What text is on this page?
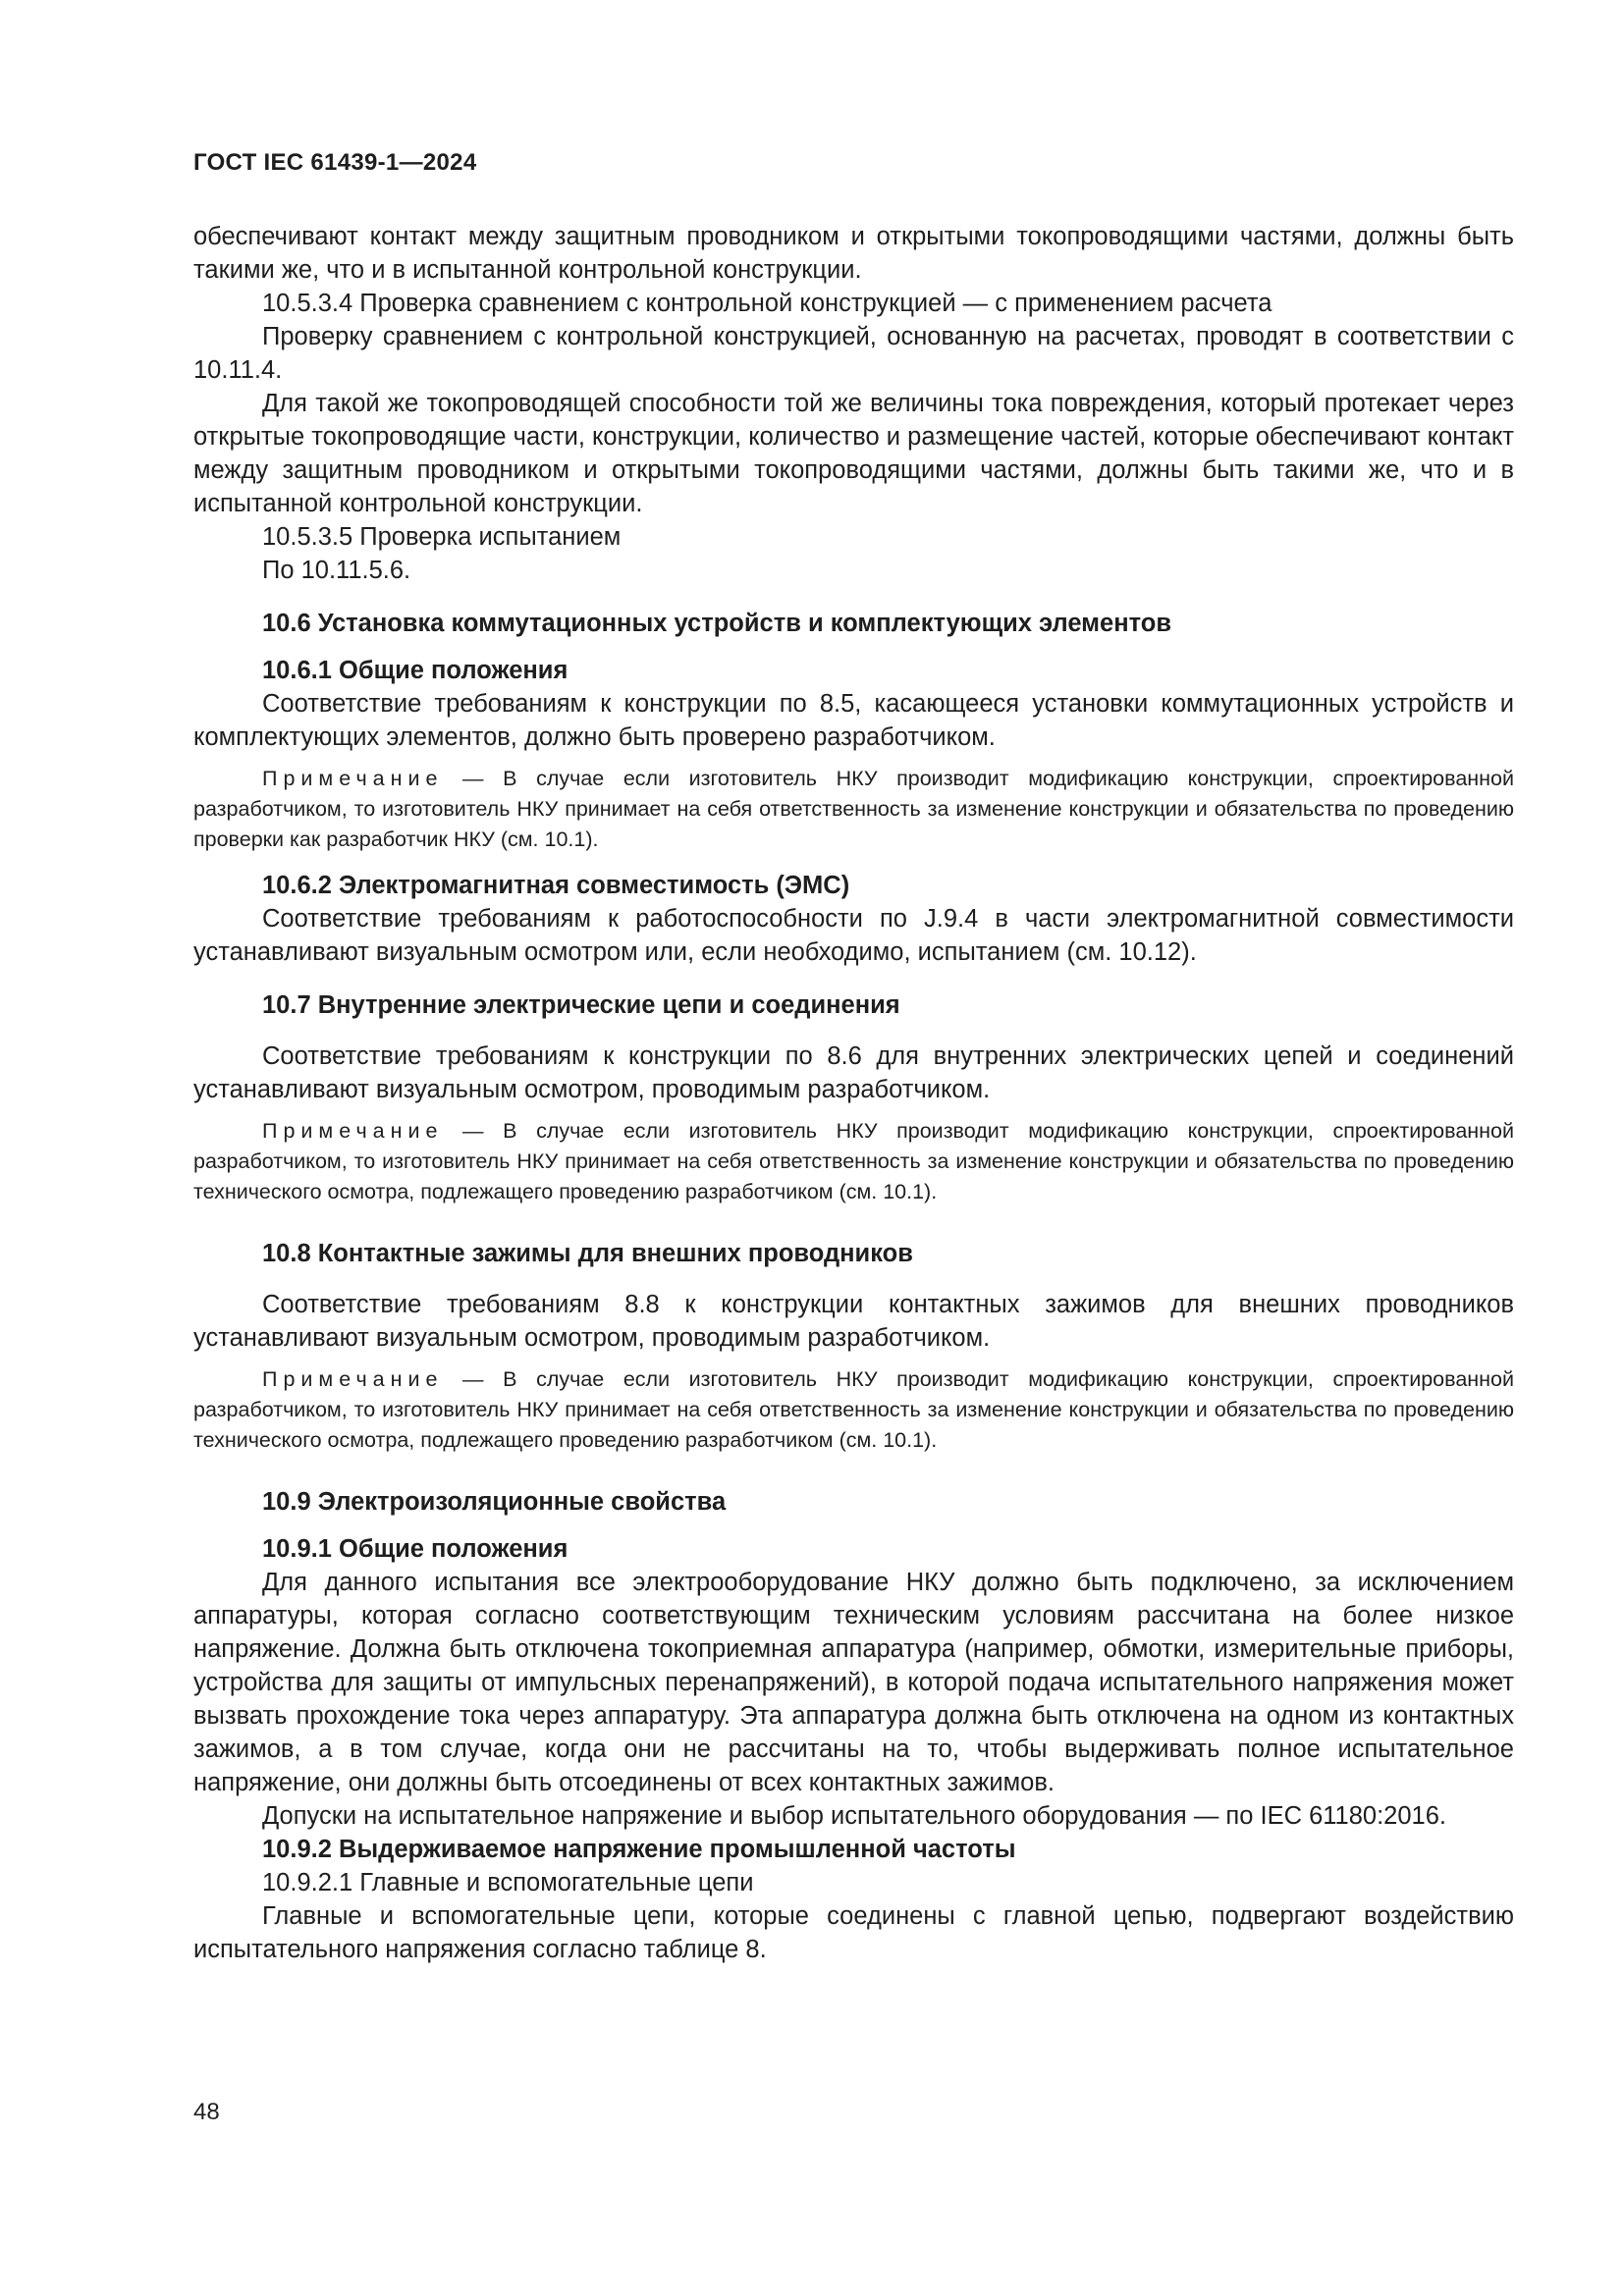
ГОСТ IEC 61439-1—2024

обеспечивают контакт между защитным проводником и открытыми токопроводящими частями, должны быть такими же, что и в испытанной контрольной конструкции.

10.5.3.4 Проверка сравнением с контрольной конструкцией — с применением расчета

Проверку сравнением с контрольной конструкцией, основанную на расчетах, проводят в соответствии с 10.11.4.

Для такой же токопроводящей способности той же величины тока повреждения, который протекает через открытые токопроводящие части, конструкции, количество и размещение частей, которые обеспечивают контакт между защитным проводником и открытыми токопроводящими частями, должны быть такими же, что и в испытанной контрольной конструкции.

10.5.3.5 Проверка испытанием

По 10.11.5.6.

10.6 Установка коммутационных устройств и комплектующих элементов

10.6.1 Общие положения

Соответствие требованиям к конструкции по 8.5, касающееся установки коммутационных устройств и комплектующих элементов, должно быть проверено разработчиком.

Примечание — В случае если изготовитель НКУ производит модификацию конструкции, спроектированной разработчиком, то изготовитель НКУ принимает на себя ответственность за изменение конструкции и обязательства по проведению проверки как разработчик НКУ (см. 10.1).

10.6.2 Электромагнитная совместимость (ЭМС)

Соответствие требованиям к работоспособности по J.9.4 в части электромагнитной совместимости устанавливают визуальным осмотром или, если необходимо, испытанием (см. 10.12).

10.7 Внутренние электрические цепи и соединения

Соответствие требованиям к конструкции по 8.6 для внутренних электрических цепей и соединений устанавливают визуальным осмотром, проводимым разработчиком.

Примечание — В случае если изготовитель НКУ производит модификацию конструкции, спроектированной разработчиком, то изготовитель НКУ принимает на себя ответственность за изменение конструкции и обязательства по проведению технического осмотра, подлежащего проведению разработчиком (см. 10.1).

10.8 Контактные зажимы для внешних проводников

Соответствие требованиям 8.8 к конструкции контактных зажимов для внешних проводников устанавливают визуальным осмотром, проводимым разработчиком.

Примечание — В случае если изготовитель НКУ производит модификацию конструкции, спроектированной разработчиком, то изготовитель НКУ принимает на себя ответственность за изменение конструкции и обязательства по проведению технического осмотра, подлежащего проведению разработчиком (см. 10.1).

10.9 Электроизоляционные свойства

10.9.1 Общие положения

Для данного испытания все электрооборудование НКУ должно быть подключено, за исключением аппаратуры, которая согласно соответствующим техническим условиям рассчитана на более низкое напряжение. Должна быть отключена токоприемная аппаратура (например, обмотки, измерительные приборы, устройства для защиты от импульсных перенапряжений), в которой подача испытательного напряжения может вызвать прохождение тока через аппаратуру. Эта аппаратура должна быть отключена на одном из контактных зажимов, а в том случае, когда они не рассчитаны на то, чтобы выдерживать полное испытательное напряжение, они должны быть отсоединены от всех контактных зажимов.

Допуски на испытательное напряжение и выбор испытательного оборудования — по IEC 61180:2016.

10.9.2 Выдерживаемое напряжение промышленной частоты

10.9.2.1 Главные и вспомогательные цепи

Главные и вспомогательные цепи, которые соединены с главной цепью, подвергают воздействию испытательного напряжения согласно таблице 8.

48
